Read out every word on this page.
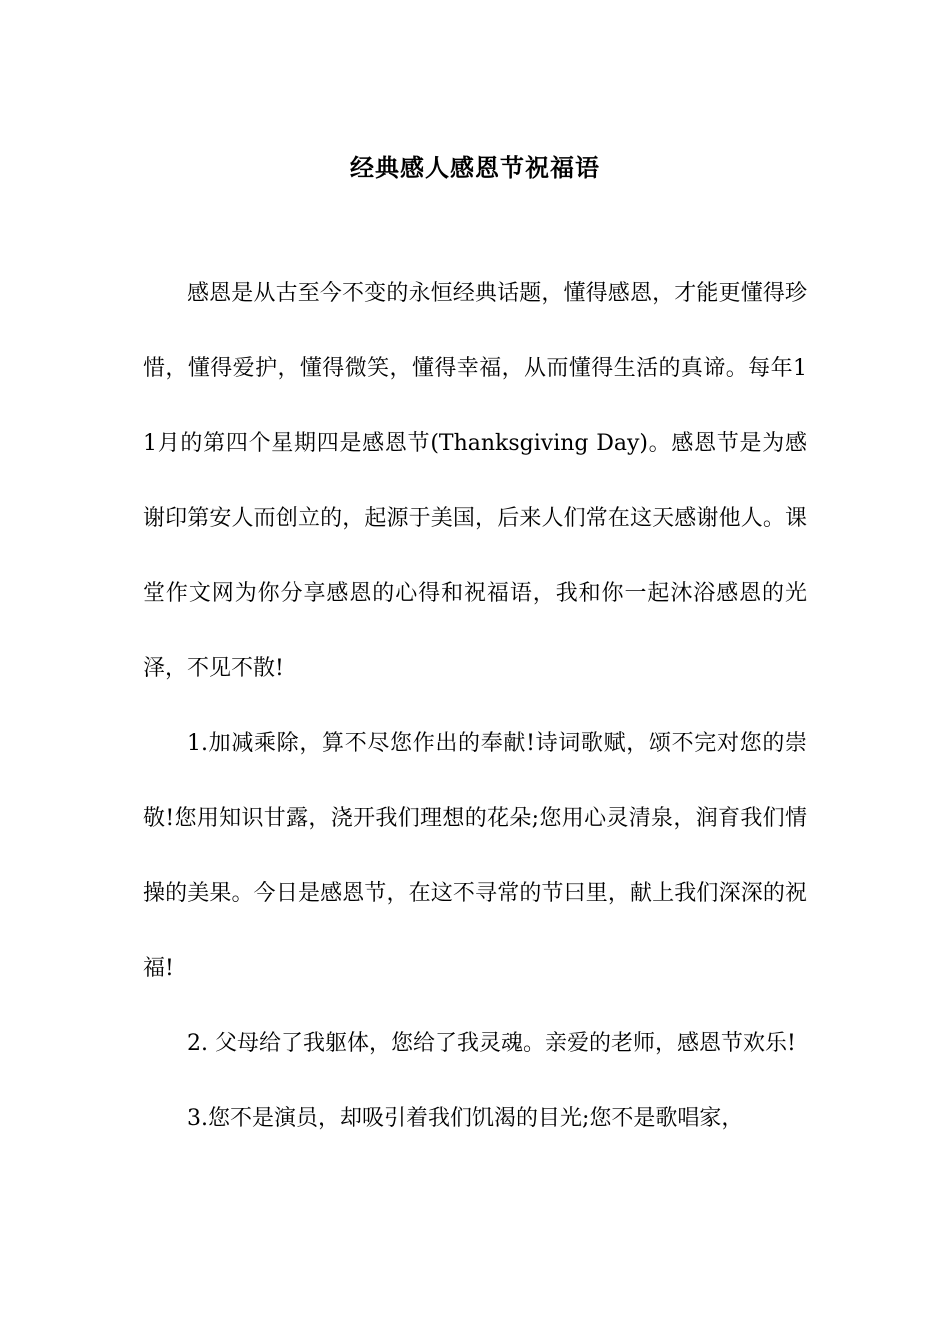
经典感人感恩节祝福语

感恩是从古至今不变的永恒经典话题，懂得感恩，才能更懂得珍惜，懂得爱护，懂得微笑，懂得幸福，从而懂得生活的真谛。每年11月的第四个星期四是感恩节(Thanksgiving Day)。感恩节是为感谢印第安人而创立的，起源于美国，后来人们常在这天感谢他人。课堂作文网为你分享感恩的心得和祝福语，我和你一起沐浴感恩的光泽，不见不散!

1.加减乘除，算不尽您作出的奉献!诗词歌赋，颂不完对您的崇敬!您用知识甘露，浇开我们理想的花朵;您用心灵清泉，润育我们情操的美果。今日是感恩节，在这不寻常的节曰里，献上我们深深的祝福!

2. 父母给了我躯体，您给了我灵魂。亲爱的老师，感恩节欢乐!

3.您不是演员，却吸引着我们饥渴的目光;您不是歌唱家，
